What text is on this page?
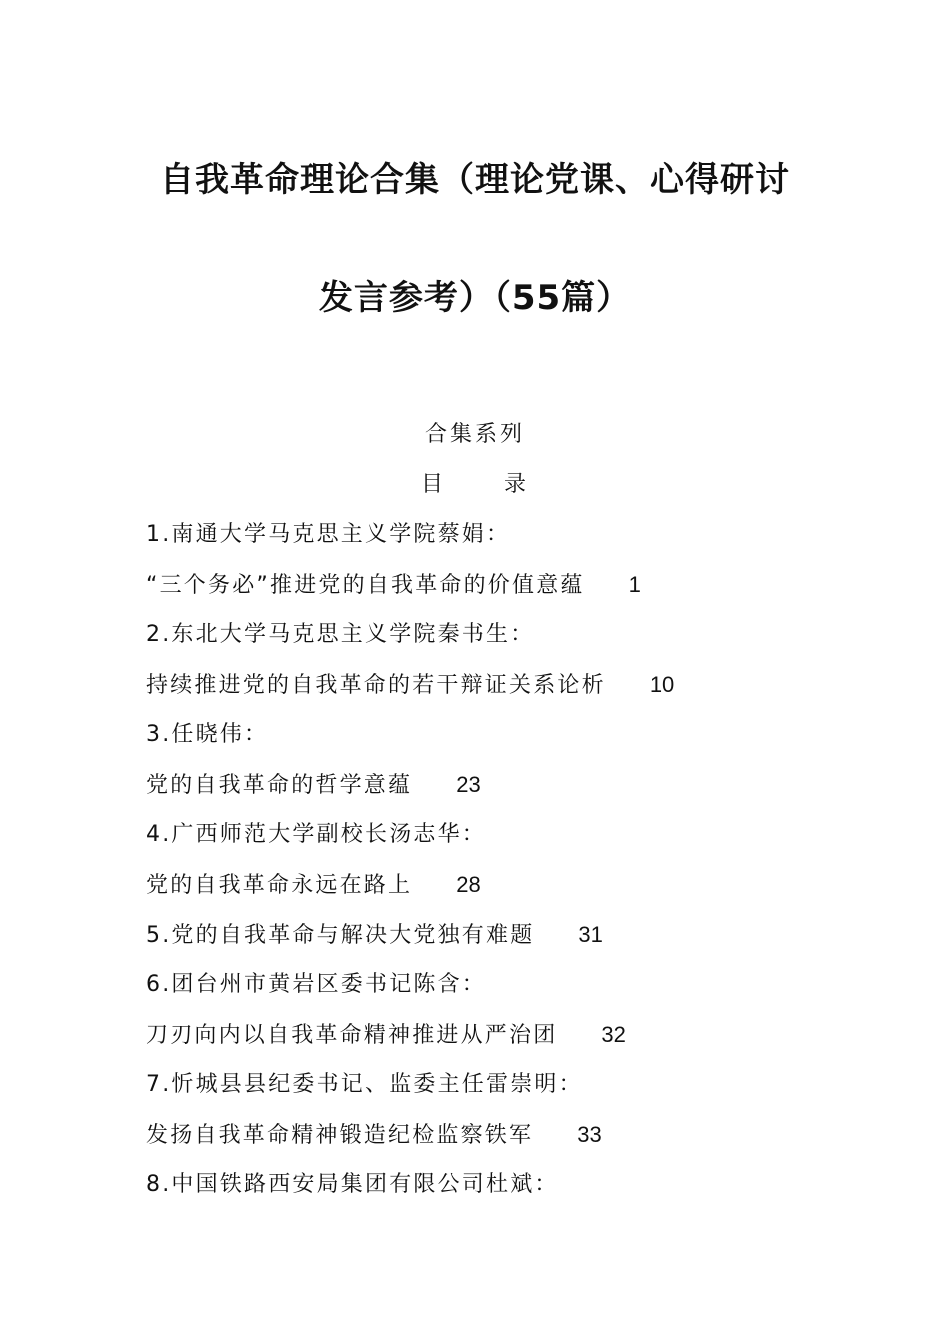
自我革命理论合集（理论党课、心得研讨
发言参考）（55篇）
合集系列
目	录
1.南通大学马克思主义学院蔡娟：
“三个务必”推进党的自我革命的价值意蕴 1
2.东北大学马克思主义学院秦书生：
持续推进党的自我革命的若干辩证关系论析 10
3.任晓伟：
党的自我革命的哲学意蕴 23
4.广西师范大学副校长汤志华：
党的自我革命永远在路上 28
5.党的自我革命与解决大党独有难题 31
6.团台州市黄岩区委书记陈含：
刀刃向内以自我革命精神推进从严治团 32
7.忻城县县纪委书记、监委主任雷崇明：
发扬自我革命精神锻造纪检监察铁军 33
8.中国铁路西安局集团有限公司杜斌：
